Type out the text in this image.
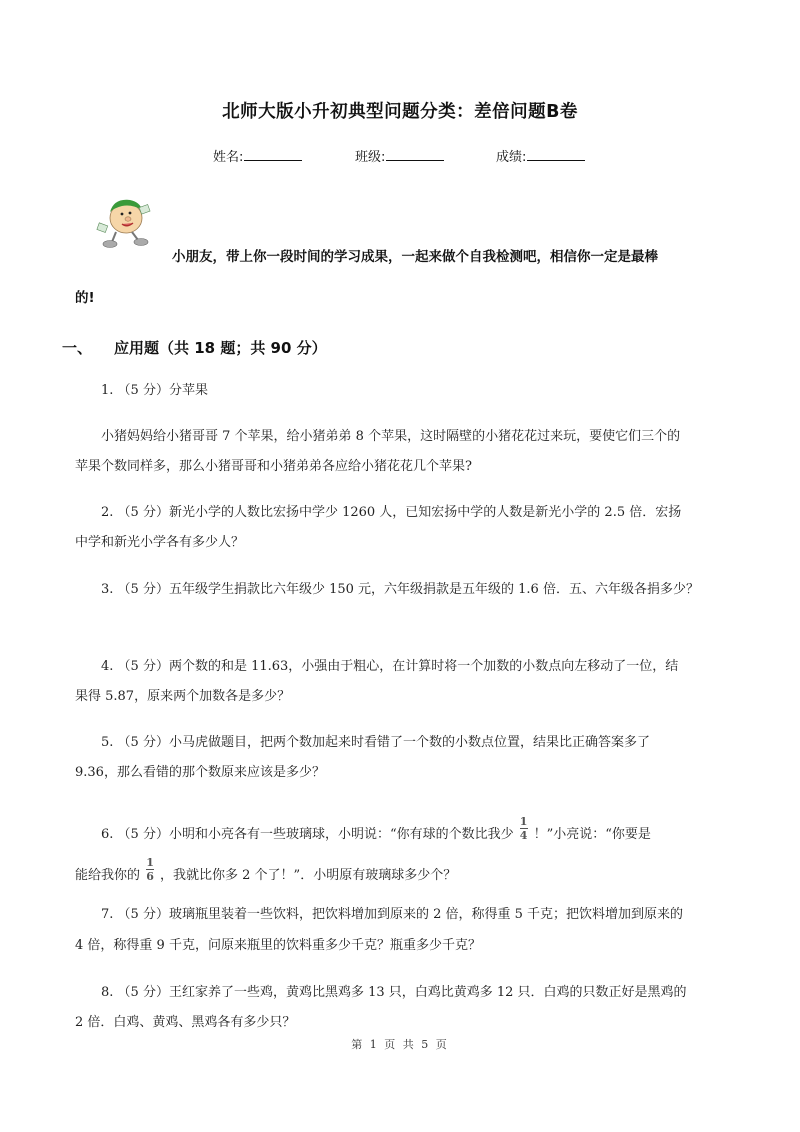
北师大版小升初典型问题分类：差倍问题B卷
姓名:	班级:	成绩:
小朋友，带上你一段时间的学习成果，一起来做个自我检测吧，相信你一定是最棒
的!
一、 应用题（共 18 题；共 90 分）
1. （5 分）分苹果
小猪妈妈给小猪哥哥 7 个苹果，给小猪弟弟 8 个苹果，这时隔壁的小猪花花过来玩，要使它们三个的
苹果个数同样多，那么小猪哥哥和小猪弟弟各应给小猪花花几个苹果?
2. （5 分）新光小学的人数比宏扬中学少 1260 人，已知宏扬中学的人数是新光小学的 2.5 倍．宏扬
中学和新光小学各有多少人？
3. （5 分）五年级学生捐款比六年级少 150 元，六年级捐款是五年级的 1.6 倍．五、六年级各捐多少？
4. （5 分）两个数的和是 11.63，小强由于粗心，在计算时将一个加数的小数点向左移动了一位，结
果得 5.87，原来两个加数各是多少？
5. （5 分）小马虎做题目，把两个数加起来时看错了一个数的小数点位置，结果比正确答案多了
9.36，那么看错的那个数原来应该是多少？
6. （5 分）小明和小亮各有一些玻璃球，小明说：“你有球的个数比我少 $\frac{1}{4}$ ！”小亮说：“你要是
能给我你的 $\frac{1}{6}$ ，我就比你多 2 个了！”．小明原有玻璃球多少个？
7. （5 分）玻璃瓶里装着一些饮料，把饮料增加到原来的 2 倍，称得重 5 千克；把饮料增加到原来的
4 倍，称得重 9 千克，问原来瓶里的饮料重多少千克？瓶重多少千克？
8. （5 分）王红家养了一些鸡，黄鸡比黑鸡多 13 只，白鸡比黄鸡多 12 只．白鸡的只数正好是黑鸡的
2 倍．白鸡、黄鸡、黑鸡各有多少只？
第 1 页 共 5 页
